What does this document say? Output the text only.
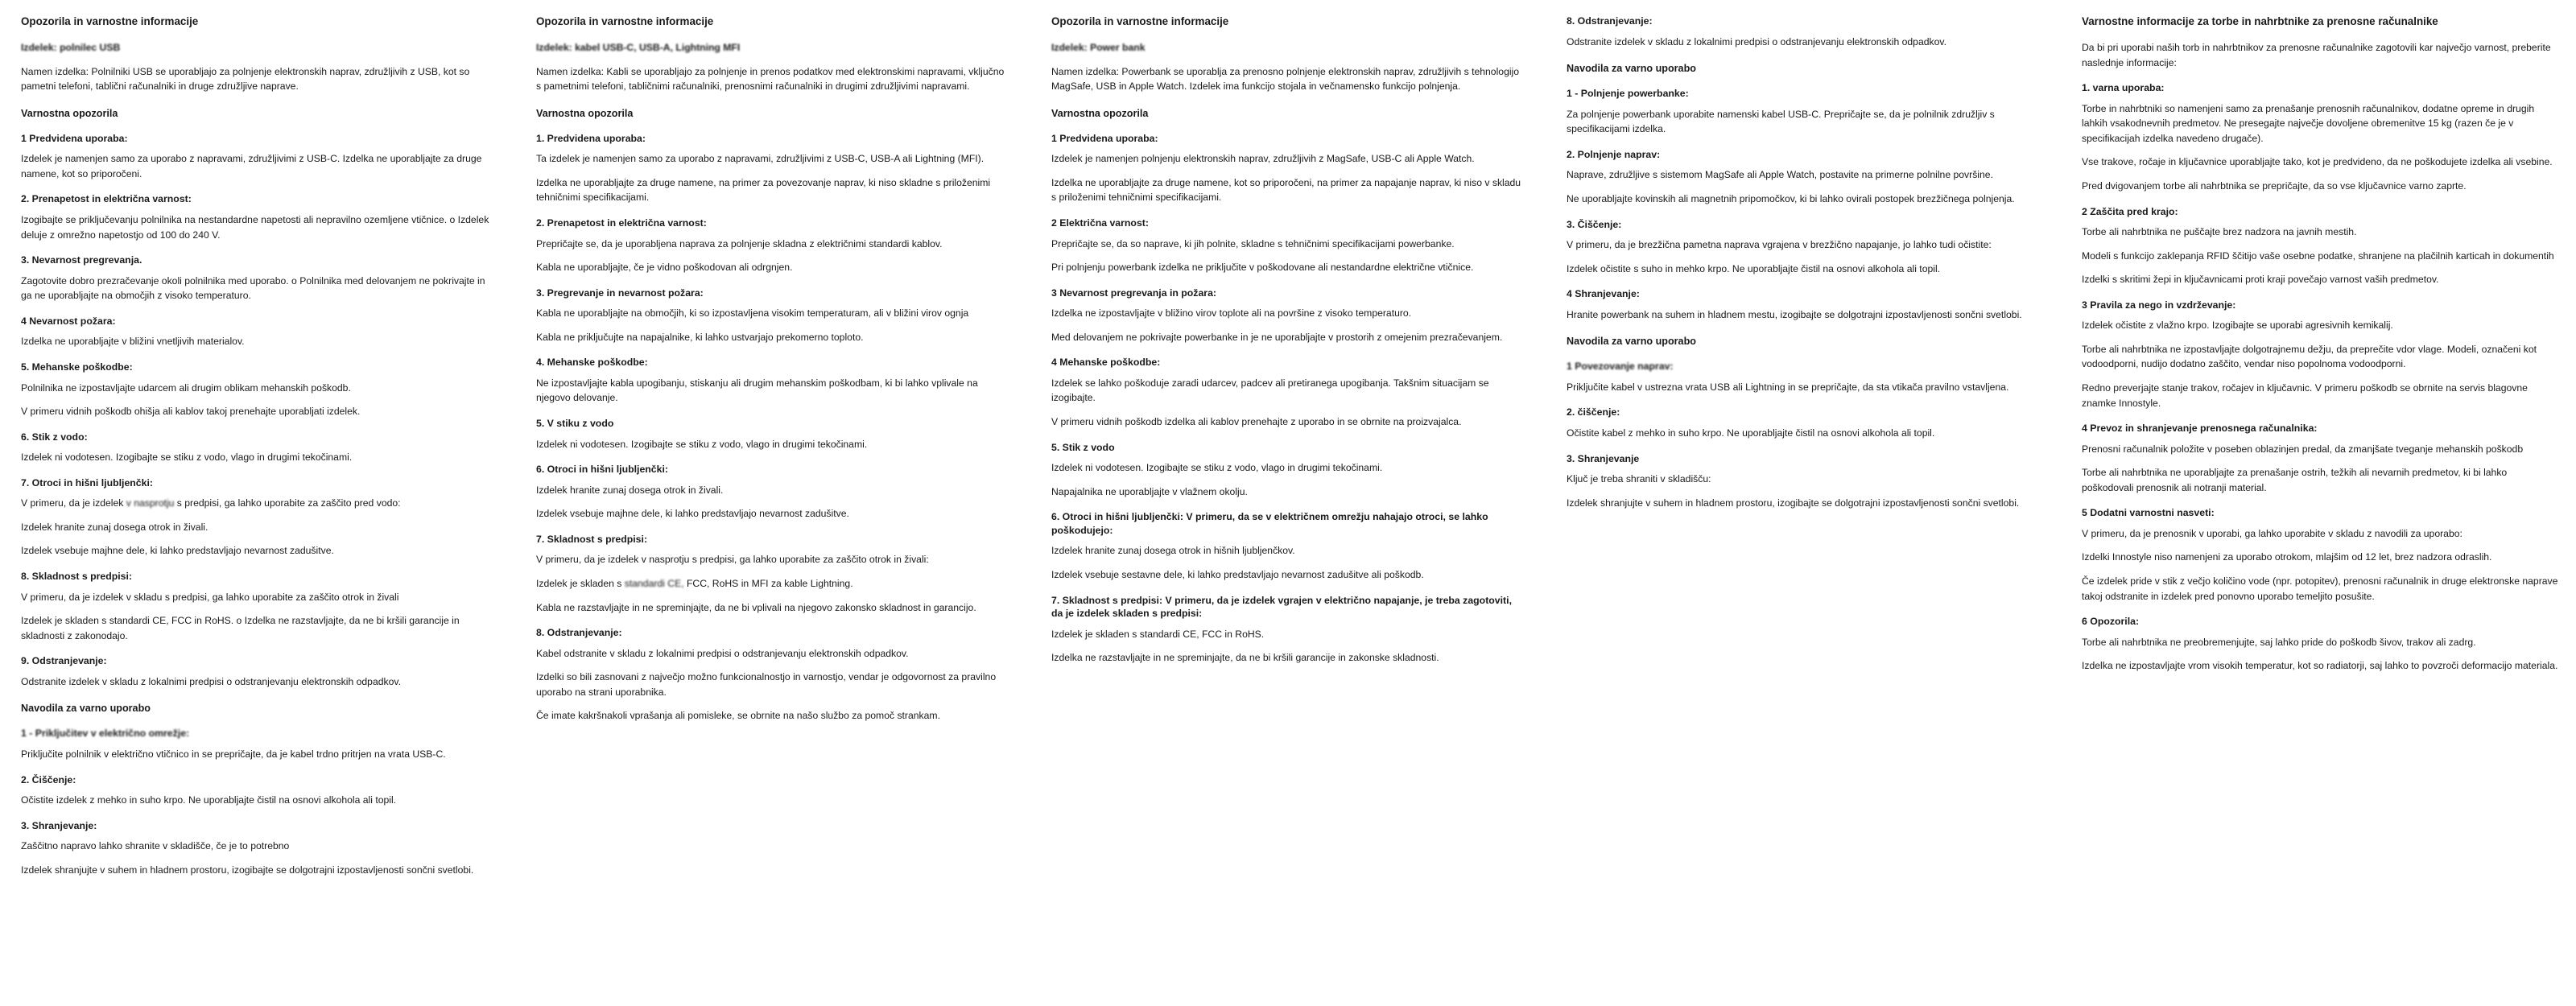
Opozorila in varnostne informacije

Izdelek: polnilec USB

Namen izdelka: Polnilniki USB se uporabljajo za polnjenje elektronskih naprav, združljivih z USB, kot so pametni telefoni, tablični računalniki in druge združljive naprave.

Varnostna opozorila
1 Predvidena uporaba:

Izdelek je namenjen samo za uporabo z napravami, združljivimi z USB-C. Izdelka ne uporabljajte za druge namene, kot so priporočeni.

2. Prenapetost in električna varnost:

Izogibajte se priključevanju polnilnika na nestandardne napetosti ali nepravilno ozemljene vtičnice. o Izdelek deluje z omrežno napetostjo od 100 do 240 V.

3. Nevarnost pregrevanja.

Zagotovite dobro prezračevanje okoli polnilnika med uporabo. o Polnilnika med delovanjem ne pokrivajte in ga ne uporabljajte na območjih z visoko temperaturo.

4 Nevarnost požara:

Izdelka ne uporabljajte v bližini vnetljivih materialov.

5. Mehanske poškodbe:

Polnilnika ne izpostavljajte udarcem ali drugim oblikam mehanskih poškodb.

V primeru vidnih poškodb ohišja ali kablov takoj prenehajte uporabljati izdelek.

6. Stik z vodo:

Izdelek ni vodotesen. Izogibajte se stiku z vodo, vlago in drugimi tekočinami.

7. Otroci in hišni ljubljenčki:

V primeru, da je izdelek v nasprotju s predpisi, ga lahko uporabite za zaščito pred vodo:

Izdelek hranite zunaj dosega otrok in živali.

Izdelek vsebuje majhne dele, ki lahko predstavljajo nevarnost zadušitve.

8. Skladnost s predpisi:

V primeru, da je izdelek v skladu s predpisi, ga lahko uporabite za zaščito otrok in živali

Izdelek je skladen s standardi CE, FCC in RoHS. o Izdelka ne razstavljajte, da ne bi kršili garancije in skladnosti z zakonodajo.

9. Odstranjevanje:

Odstranite izdelek v skladu z lokalnimi predpisi o odstranjevanju elektronskih odpadkov.

Navodila za varno uporabo
1 - Priključitev v električno omrežje:

Priključite polnilnik v električno vtičnico in se prepričajte, da je kabel trdno pritrjen na vrata USB-C.

2. Čiščenje:

Očistite izdelek z mehko in suho krpo. Ne uporabljajte čistil na osnovi alkohola ali topil.

3. Shranjevanje:

Zaščitno napravo lahko shranite v skladišče, če je to potrebno

Izdelek shranjujte v suhem in hladnem prostoru, izogibajte se dolgotrajni izpostavljenosti sončni svetlobi.

Opozorila in varnostne informacije

Izdelek: kabel USB-C, USB-A, Lightning MFI

Namen izdelka: Kabli se uporabljajo za polnjenje in prenos podatkov med elektronskimi napravami, vključno s pametnimi telefoni, tabličnimi računalniki, prenosnimi računalniki in drugimi združljivimi napravami.

Varnostna opozorila
1. Predvidena uporaba:

Ta izdelek je namenjen samo za uporabo z napravami, združljivimi z USB-C, USB-A ali Lightning (MFI).

Izdelka ne uporabljajte za druge namene, na primer za povezovanje naprav, ki niso skladne s priloženimi tehničnimi specifikacijami.

2. Prenapetost in električna varnost:

Prepričajte se, da je uporabljena naprava za polnjenje skladna z električnimi standardi kablov.

Kabla ne uporabljajte, če je vidno poškodovan ali odrgnjen.

3. Pregrevanje in nevarnost požara:

Kabla ne uporabljajte na območjih, ki so izpostavljena visokim temperaturam, ali v bližini virov ognja

Kabla ne priključujte na napajalnike, ki lahko ustvarjajo prekomerno toploto.

4. Mehanske poškodbe:

Ne izpostavljajte kabla upogibanju, stiskanju ali drugim mehanskim poškodbam, ki bi lahko vplivale na njegovo delovanje.

5. V stiku z vodo

Izdelek ni vodotesen. Izogibajte se stiku z vodo, vlago in drugimi tekočinami.

6. Otroci in hišni ljubljenčki:

Izdelek hranite zunaj dosega otrok in živali.

Izdelek vsebuje majhne dele, ki lahko predstavljajo nevarnost zadušitve.

7. Skladnost s predpisi:

V primeru, da je izdelek v nasprotju s predpisi, ga lahko uporabite za zaščito otrok in živali:

Izdelek je skladen s standardi CE, FCC, RoHS in MFI za kable Lightning.

Kabla ne razstavljajte in ne spreminjajte, da ne bi vplivali na njegovo zakonsko skladnost in garancijo.

8. Odstranjevanje:

Kabel odstranite v skladu z lokalnimi predpisi o odstranjevanju elektronskih odpadkov.

Izdelki so bili zasnovani z največjo možno funkcionalnostjo in varnostjo, vendar je odgovornost za pravilno uporabo na strani uporabnika.

Če imate kakršnakoli vprašanja ali pomisleke, se obrnite na našo službo za pomoč strankam.

Opozorila in varnostne informacije

Izdelek: Power bank

Namen izdelka: Powerbank se uporablja za prenosno polnjenje elektronskih naprav, združljivih s tehnologijo MagSafe, USB in Apple Watch. Izdelek ima funkcijo stojala in večnamensko funkcijo polnjenja.

Varnostna opozorila
1 Predvidena uporaba:

Izdelek je namenjen polnjenju elektronskih naprav, združljivih z MagSafe, USB-C ali Apple Watch.

Izdelka ne uporabljajte za druge namene, kot so priporočeni, na primer za napajanje naprav, ki niso v skladu s priloženimi tehničnimi specifikacijami.

2 Električna varnost:

Prepričajte se, da so naprave, ki jih polnite, skladne s tehničnimi specifikacijami powerbanke.

Pri polnjenju powerbank izdelka ne priključite v poškodovane ali nestandardne električne vtičnice.

3 Nevarnost pregrevanja in požara:

Izdelka ne izpostavljajte v bližino virov toplote ali na površine z visoko temperaturo.

Med delovanjem ne pokrivajte powerbanke in je ne uporabljajte v prostorih z omejenim prezračevanjem.

4 Mehanske poškodbe:

Izdelek se lahko poškoduje zaradi udarcev, padcev ali pretiranega upogibanja. Takšnim situacijam se izogibajte.

V primeru vidnih poškodb izdelka ali kablov prenehajte z uporabo in se obrnite na proizvajalca.

5. Stik z vodo

Izdelek ni vodotesen. Izogibajte se stiku z vodo, vlago in drugimi tekočinami.

Napajalnika ne uporabljajte v vlažnem okolju.

6. Otroci in hišni ljubljenčki: V primeru, da se v električnem omrežju nahajajo otroci, se lahko poškodujejo:

Izdelek hranite zunaj dosega otrok in hišnih ljubljenčkov.

Izdelek vsebuje sestavne dele, ki lahko predstavljajo nevarnost zadušitve ali poškodb.

7. Skladnost s predpisi: V primeru, da je izdelek vgrajen v električno napajanje, je treba zagotoviti, da je izdelek skladen s predpisi:

Izdelek je skladen s standardi CE, FCC in RoHS.

Izdelka ne razstavljajte in ne spreminjajte, da ne bi kršili garancije in zakonske skladnosti.

8. Odstranjevanje:

Odstranite izdelek v skladu z lokalnimi predpisi o odstranjevanju elektronskih odpadkov.

Navodila za varno uporabo
1 - Polnjenje powerbanke:

Za polnjenje powerbank uporabite namenski kabel USB-C. Prepričajte se, da je polnilnik združljiv s specifikacijami izdelka.

2. Polnjenje naprav:

Naprave, združljive s sistemom MagSafe ali Apple Watch, postavite na primerne polnilne površine.

Ne uporabljajte kovinskih ali magnetnih pripomočkov, ki bi lahko ovirali postopek brezžičnega polnjenja.

3. Čiščenje:

V primeru, da je brezžična pametna naprava vgrajena v brezžično napajanje, jo lahko tudi očistite:

Izdelek očistite s suho in mehko krpo. Ne uporabljajte čistil na osnovi alkohola ali topil.

4 Shranjevanje:

Hranite powerbank na suhem in hladnem mestu, izogibajte se dolgotrajni izpostavljenosti sončni svetlobi.

Navodila za varno uporabo
1 Povezovanje naprav:

Priključite kabel v ustrezna vrata USB ali Lightning in se prepričajte, da sta vtikača pravilno vstavljena.

2. čiščenje:

Očistite kabel z mehko in suho krpo. Ne uporabljajte čistil na osnovi alkohola ali topil.

3. Shranjevanje

Ključ je treba shraniti v skladišču:

Izdelek shranjujte v suhem in hladnem prostoru, izogibajte se dolgotrajni izpostavljenosti sončni svetlobi.

Varnostne informacije za torbe in nahrbtnike za prenosne računalnike

Da bi pri uporabi naših torb in nahrbtnikov za prenosne računalnike zagotovili kar največjo varnost, preberite naslednje informacije:

1. varna uporaba:

Torbe in nahrbtniki so namenjeni samo za prenašanje prenosnih računalnikov, dodatne opreme in drugih lahkih vsakodnevnih predmetov. Ne presegajte največje dovoljene obremenitve 15 kg (razen če je v specifikacijah izdelka navedeno drugače).

Vse trakove, ročaje in ključavnice uporabljajte tako, kot je predvideno, da ne poškodujete izdelka ali vsebine.

Pred dvigovanjem torbe ali nahrbtnika se prepričajte, da so vse ključavnice varno zaprte.

2 Zaščita pred krajo:

Torbe ali nahrbtnika ne puščajte brez nadzora na javnih mestih.

Modeli s funkcijo zaklepanja RFID ščitijo vaše osebne podatke, shranjene na plačilnih karticah in dokumentih

Izdelki s skritimi žepi in ključavnicami proti kraji povečajo varnost vaših predmetov.

3 Pravila za nego in vzdrževanje:

Izdelek očistite z vlažno krpo. Izogibajte se uporabi agresivnih kemikalij.

Torbe ali nahrbtnika ne izpostavljajte dolgotrajnemu dežju, da preprečite vdor vlage. Modeli, označeni kot vodoodporni, nudijo dodatno zaščito, vendar niso popolnoma vodoodporni.

Redno preverjajte stanje trakov, ročajev in ključavnic. V primeru poškodb se obrnite na servis blagovne znamke Innostyle.

4 Prevoz in shranjevanje prenosnega računalnika:

Prenosni računalnik položite v poseben oblazinjen predal, da zmanjšate tveganje mehanskih poškodb

Torbe ali nahrbtnika ne uporabljajte za prenašanje ostrih, težkih ali nevarnih predmetov, ki bi lahko poškodovali prenosnik ali notranji material.

5 Dodatni varnostni nasveti:

V primeru, da je prenosnik v uporabi, ga lahko uporabite v skladu z navodili za uporabo:

Izdelki Innostyle niso namenjeni za uporabo otrokom, mlajšim od 12 let, brez nadzora odraslih.

Če izdelek pride v stik z večjo količino vode (npr. potopitev), prenosni računalnik in druge elektronske naprave takoj odstranite in izdelek pred ponovno uporabo temeljito posušite.

6 Opozorila:

Torbe ali nahrbtnika ne preobremenjujte, saj lahko pride do poškodb šivov, trakov ali zadrg.

Izdelka ne izpostavljajte vrom visokih temperatur, kot so radiatorji, saj lahko to povzroči deformacijo materiala.
